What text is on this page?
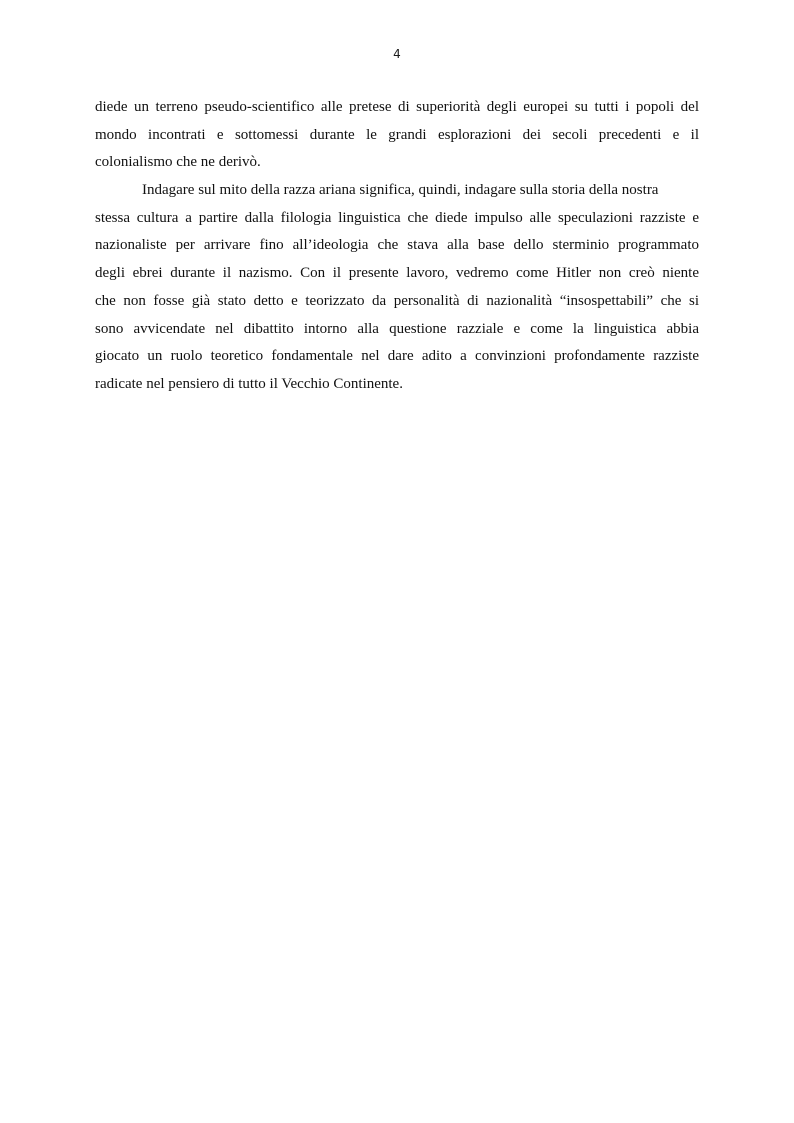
4
diede un terreno pseudo-scientifico alle pretese di superiorità degli europei su tutti i popoli del
mondo incontrati e sottomessi durante le grandi esplorazioni dei secoli precedenti e il
colonialismo che ne derivò.
Indagare sul mito della razza ariana significa, quindi, indagare sulla storia della nostra
stessa cultura a partire dalla filologia linguistica che diede impulso alle speculazioni razziste e
nazionaliste per arrivare fino all’ideologia che stava alla base dello sterminio programmato
degli ebrei durante il nazismo. Con il presente lavoro, vedremo come Hitler non creò niente
che non fosse già stato detto e teorizzato da personalità di nazionalità “insospettabili” che si
sono avvicendate nel dibattito intorno alla questione razziale e come la linguistica abbia
giocato un ruolo teoretico fondamentale nel dare adito a convinzioni profondamente razziste
radicate nel pensiero di tutto il Vecchio Continente.
